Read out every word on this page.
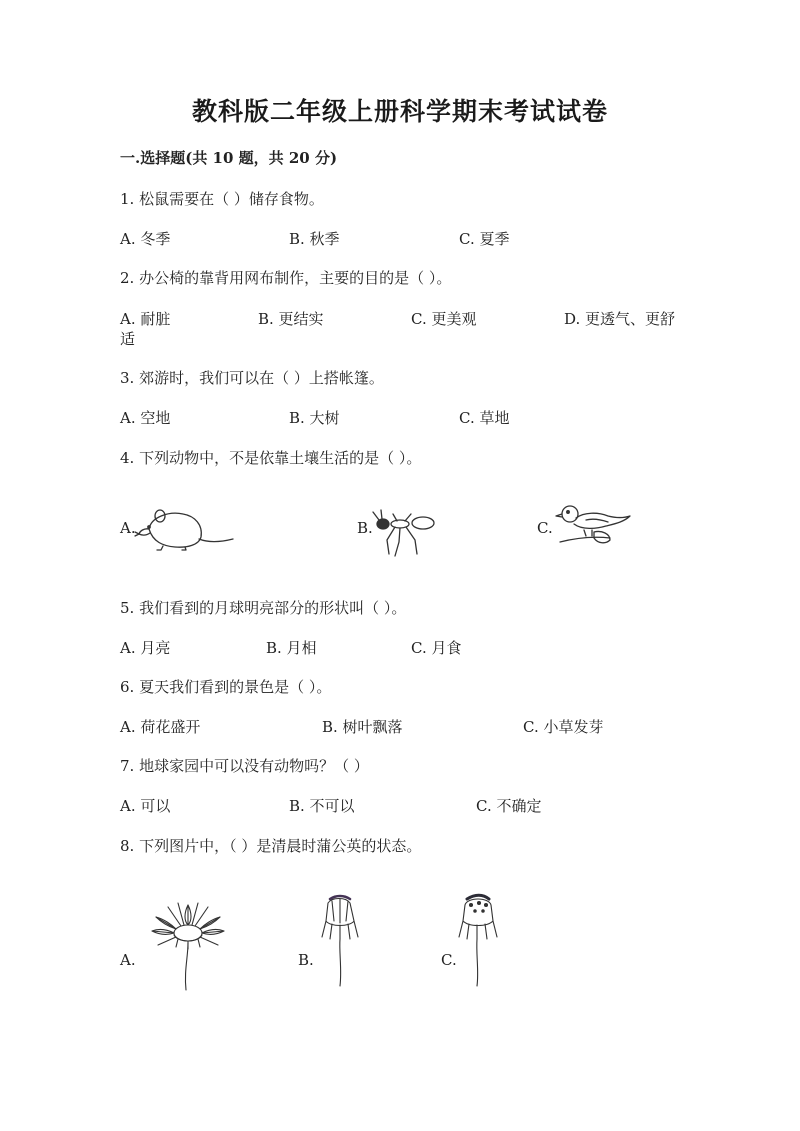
教科版二年级上册科学期末考试试卷
一.选择题(共 10 题，共 20 分)
1. 松鼠需要在（ ）储存食物。
A. 冬季	B. 秋季	C. 夏季
2. 办公椅的靠背用网布制作，主要的目的是（ ）。
A. 耐脏	B. 更结实	C. 更美观	D. 更透气、更舒
适
3. 郊游时，我们可以在（ ）上搭帐篷。
A. 空地	B. 大树	C. 草地
4. 下列动物中，不是依靠土壤生活的是（ ）。
A.	B.	C.
5. 我们看到的月球明亮部分的形状叫（ ）。
A. 月亮	B. 月相	C. 月食
6. 夏天我们看到的景色是（ ）。
A. 荷花盛开	B. 树叶飘落	C. 小草发芽
7. 地球家园中可以没有动物吗？（ ）
A. 可以	B. 不可以	C. 不确定
8. 下列图片中，（ ）是清晨时蒲公英的状态。
A.	B.	C.
